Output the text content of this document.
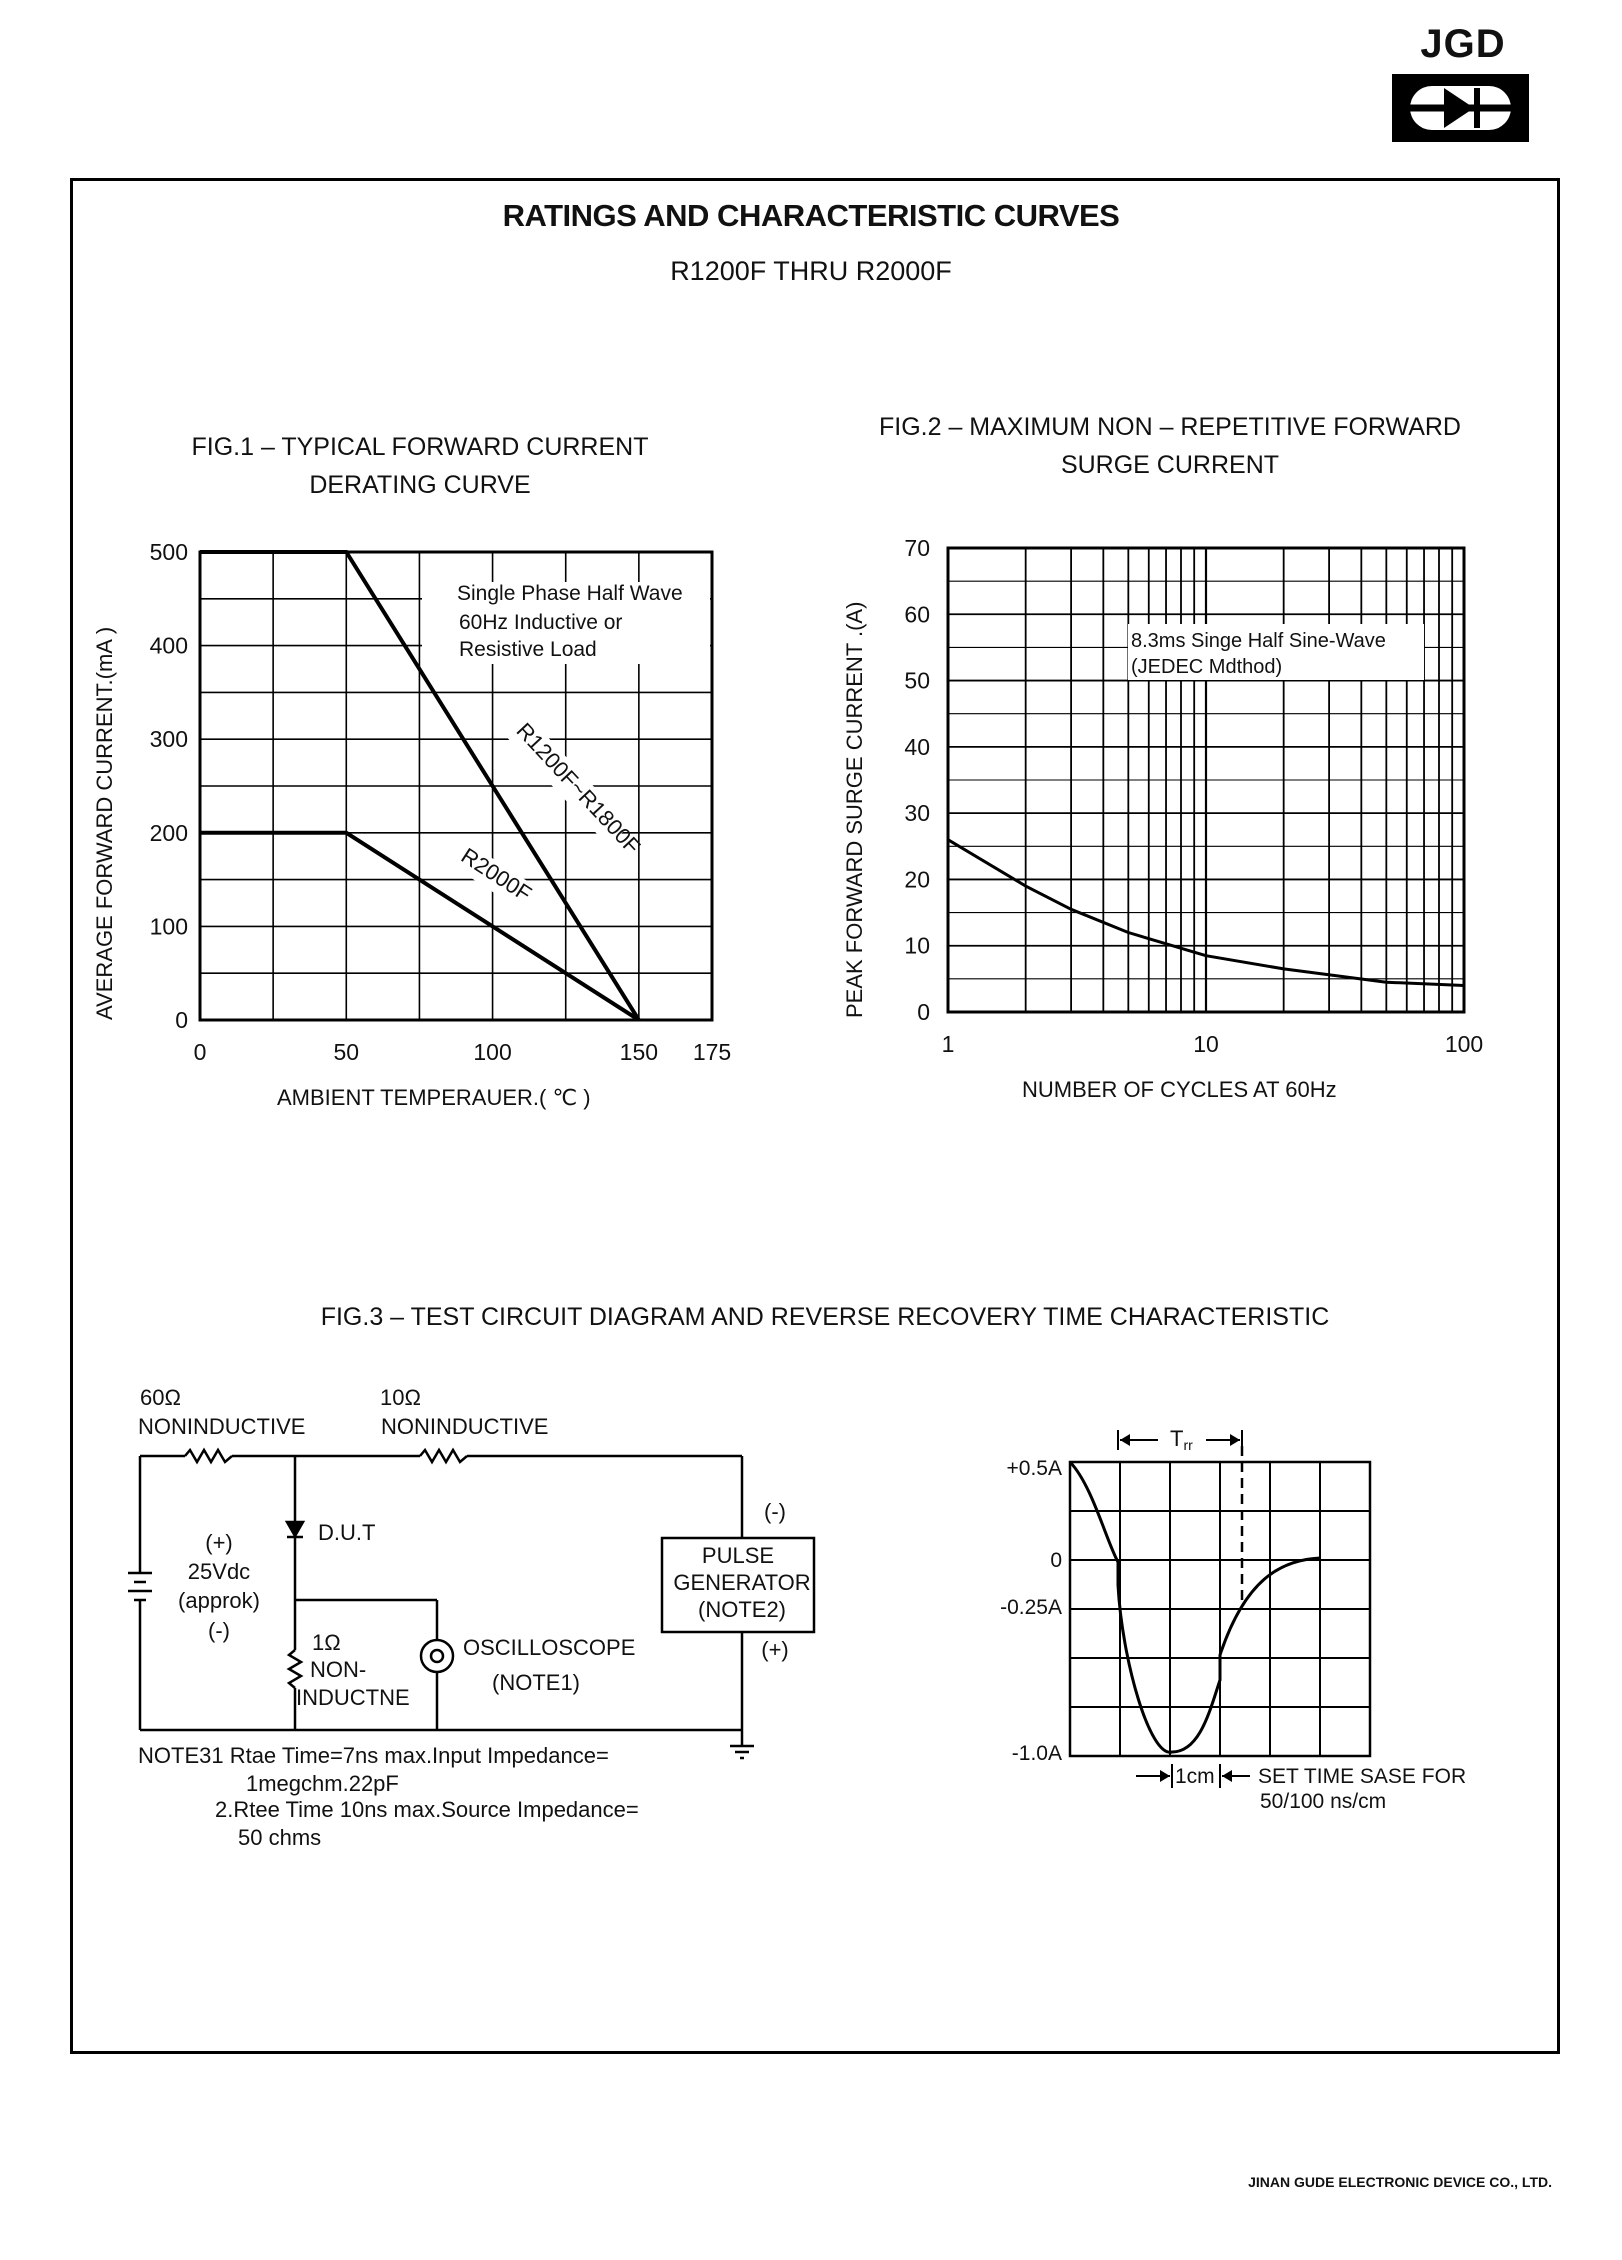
JGD
RATINGS AND CHARACTERISTIC CURVES
R1200F THRU R2000F
FIG.1 – TYPICAL FORWARD CURRENT
DERATING CURVE
FIG.2 – MAXIMUM NON – REPETITIVE FORWARD
SURGE CURRENT
FIG.3 – TEST CIRCUIT DIAGRAM AND REVERSE RECOVERY TIME CHARACTERISTIC
0	50	100	150 175
500
400
300
200
100
0
Single Phase Half Wave
60Hz Inductive or
Resistive Load
R1200F~R1800F
R2000F
AVERAGE FORWARD CURRENT.(mA )
AMBIENT TEMPERAUER.( ℃ )
1	10	100
70
60
50
40
30
20
10
0
8.3ms Singe Half Sine-Wave
(JEDEC Mdthod)
PEAK FORWARD SURGE CURRENT .(A)
NUMBER OF CYCLES AT 60Hz
60Ω
NONINDUCTIVE
10Ω
NONINDUCTIVE
D.U.T
(+)
25Vdc
(approk)
(-)	1Ω
NON-
INDUCTNE
OSCILLOSCOPE
(NOTE1)
PULSE
GENERATOR
(NOTE2)
(-)
(+)
NOTE31 Rtae Time=7ns max.Input Impedance=
1megchm.22pF
2.Rtee Time 10ns max.Source Impedance=
50 chms
Trr
+0.5A
0
-0.25A
-1.0A
1cm SET TIME SASE FOR
50/100 ns/cm
JINAN GUDE ELECTRONIC DEVICE CO., LTD.
